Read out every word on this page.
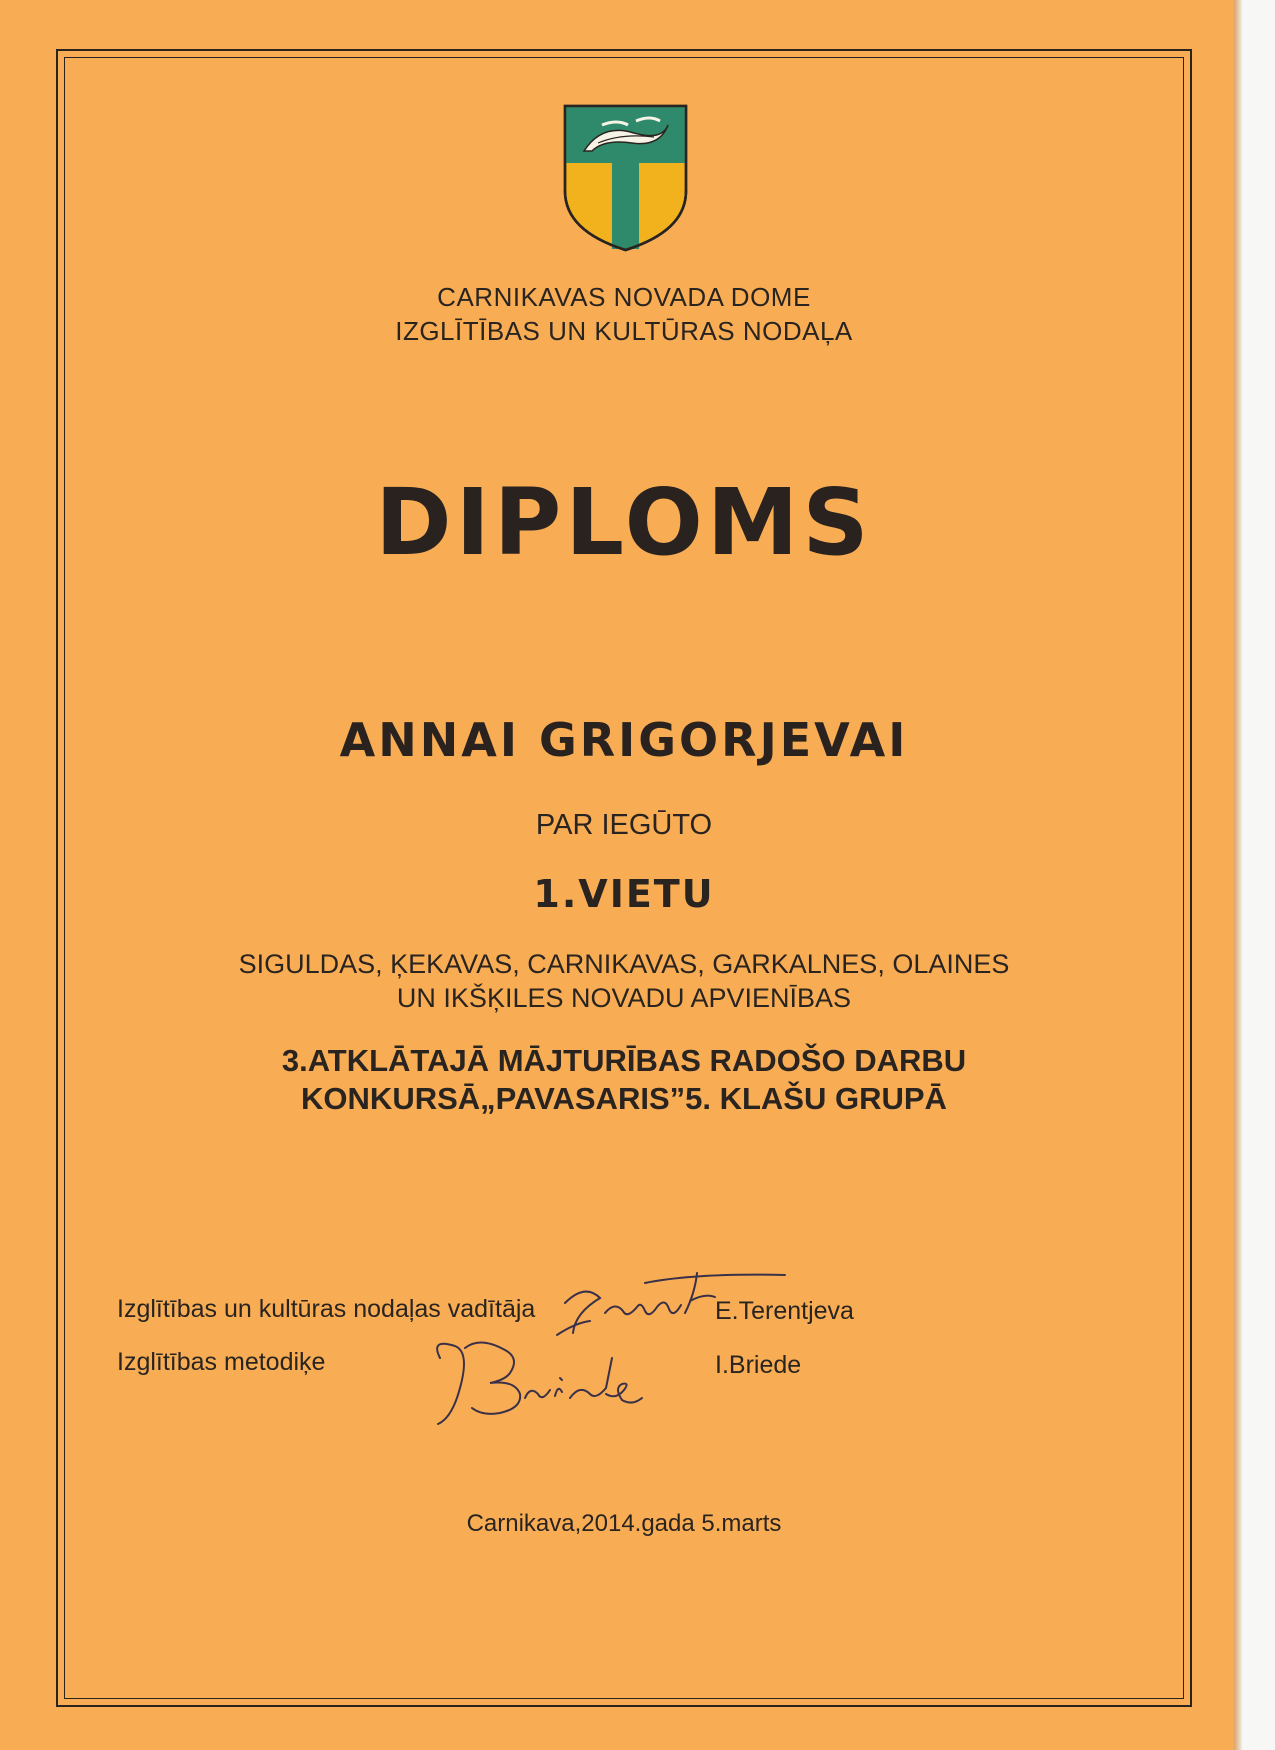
CARNIKAVAS NOVADA DOME
IZGLĪTĪBAS UN KULTŪRAS NODAĻA
DIPLOMS
ANNAI GRIGORJEVAI
PAR IEGŪTO
1.VIETU
SIGULDAS, ĶEKAVAS, CARNIKAVAS, GARKALNES, OLAINES
UN IKŠĶILES NOVADU APVIENĪBAS
3.ATKLĀTAJĀ MĀJTURĪBAS RADOŠO DARBU
KONKURSĀ„PAVASARIS”5. KLAŠU GRUPĀ
Izglītības un kultūras nodaļas vadītāja	E.Terentjeva
Izglītības metodiķe	I.Briede
Carnikava,2014.gada 5.marts
